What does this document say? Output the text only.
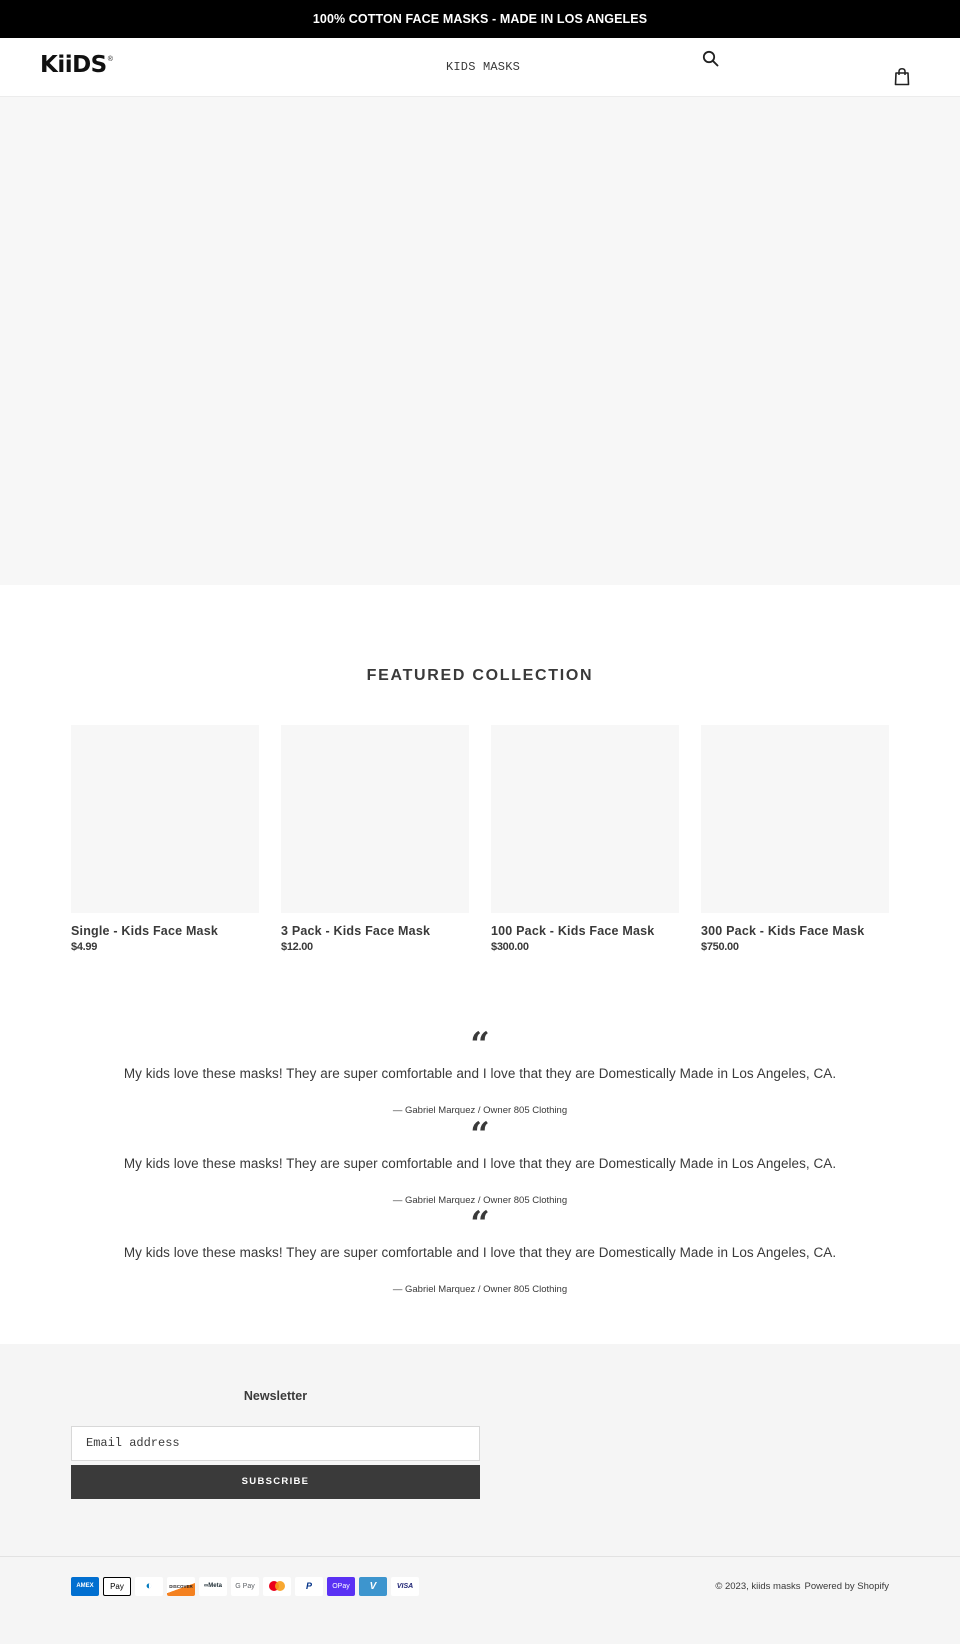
100% COTTON FACE MASKS - MADE IN LOS ANGELES
KiiDS ®
KIDS MASKS
FEATURED COLLECTION
Single - Kids Face Mask
$4.99
3 Pack - Kids Face Mask
$12.00
100 Pack - Kids Face Mask
$300.00
300 Pack - Kids Face Mask
$750.00
“
My kids love these masks! They are super comfortable and I love that they are Domestically Made in Los Angeles, CA.
— Gabriel Marquez / Owner 805 Clothing
“
My kids love these masks! They are super comfortable and I love that they are Domestically Made in Los Angeles, CA.
— Gabriel Marquez / Owner 805 Clothing
“
My kids love these masks! They are super comfortable and I love that they are Domestically Made in Los Angeles, CA.
— Gabriel Marquez / Owner 805 Clothing
Newsletter
Email address
SUBSCRIBE
AMEX	Pay	◐	DISCOVER	∞Meta	G Pay	P	OPay	V	VISA	© 2023, kiids masks Powered by Shopify
